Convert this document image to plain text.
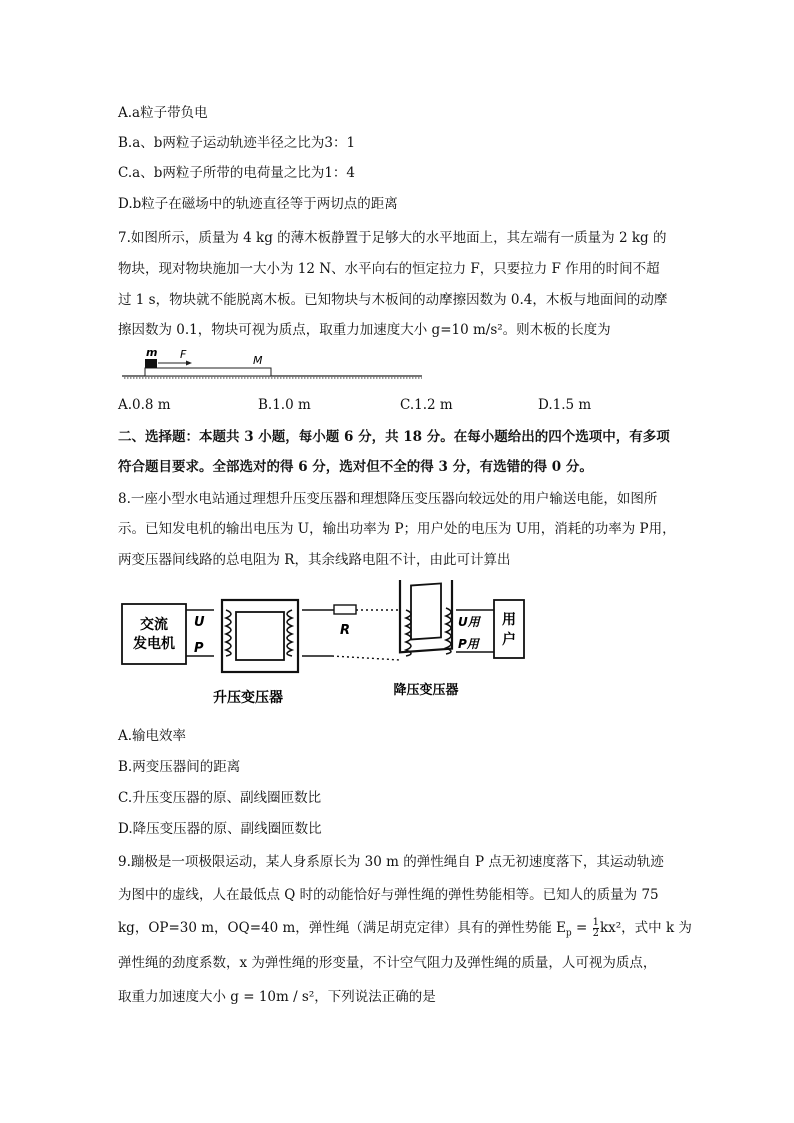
A.a粒子带负电
B.a、b两粒子运动轨迹半径之比为3：1
C.a、b两粒子所带的电荷量之比为1：4
D.b粒子在磁场中的轨迹直径等于两切点的距离
7.如图所示，质量为 4 kg 的薄木板静置于足够大的水平地面上，其左端有一质量为 2 kg 的
物块，现对物块施加一大小为 12 N、水平向右的恒定拉力 F，只要拉力 F 作用的时间不超
过 1 s，物块就不能脱离木板。已知物块与木板间的动摩擦因数为 0.4，木板与地面间的动摩
擦因数为 0.1，物块可视为质点，取重力加速度大小 g=10 m/s²。则木板的长度为
m F	M
A.0.8 m	B.1.0 m	C.1.2 m	D.1.5 m
二、选择题：本题共 3 小题，每小题 6 分，共 18 分。在每小题给出的四个选项中，有多项
符合题目要求。全部选对的得 6 分，选对但不全的得 3 分，有选错的得 0 分。
8.一座小型水电站通过理想升压变压器和理想降压变压器向较远处的用户输送电能，如图所
示。已知发电机的输出电压为 U，输出功率为 P；用户处的电压为 U用，消耗的功率为 P用，
两变压器间线路的总电阻为 R，其余线路电阻不计，由此可计算出
交流
发电机
U
P
R
U用
P用
用
户
升压变压器	降压变压器
A.输电效率
B.两变压器间的距离
C.升压变压器的原、副线圈匝数比
D.降压变压器的原、副线圈匝数比
9.蹦极是一项极限运动，某人身系原长为 30 m 的弹性绳自 P 点无初速度落下，其运动轨迹
为图中的虚线，人在最低点 Q 时的动能恰好与弹性绳的弹性势能相等。已知人的质量为 75
kg，OP=30 m，OQ=40 m，弹性绳（满足胡克定律）具有的弹性势能 $E_p = \frac{1}{2} kx^2$，式中 k 为
弹性绳的劲度系数，x 为弹性绳的形变量，不计空气阻力及弹性绳的质量，人可视为质点，
取重力加速度大小 g = 10m / s²，下列说法正确的是
